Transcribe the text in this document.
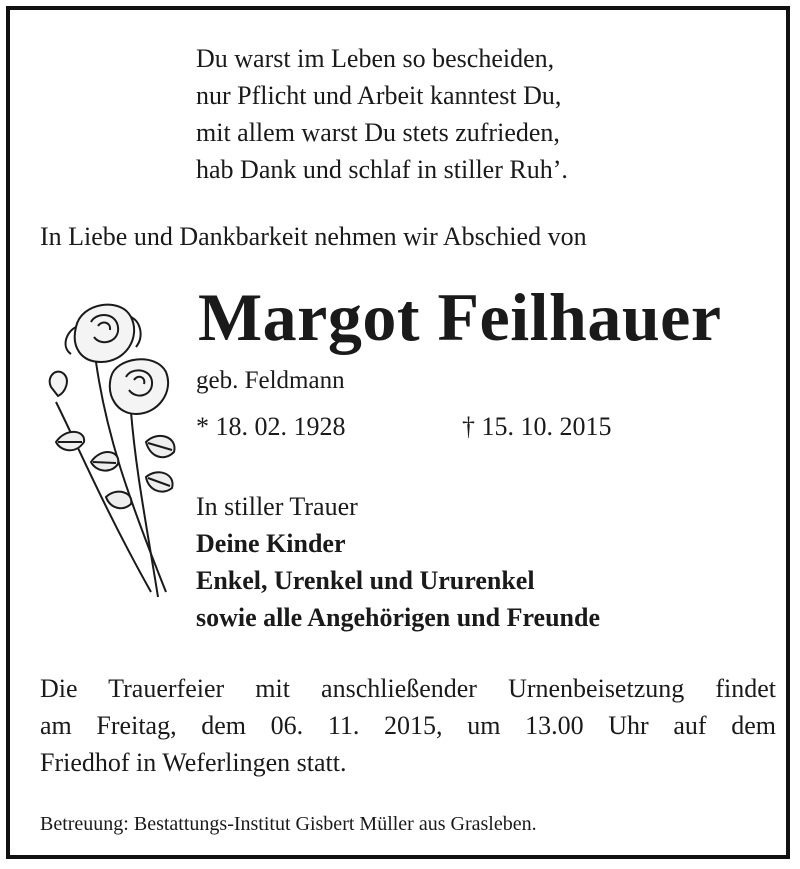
Du warst im Leben so bescheiden,
nur Pflicht und Arbeit kanntest Du,
mit allem warst Du stets zufrieden,
hab Dank und schlaf in stiller Ruh’.
In Liebe und Dankbarkeit nehmen wir Abschied von
Margot Feilhauer
geb. Feldmann
* 18. 02. 1928	† 15. 10. 2015
In stiller Trauer
Deine Kinder
Enkel, Urenkel und Ururenkel
sowie alle Angehörigen und Freunde
Die Trauerfeier mit anschließender Urnenbeisetzung findet
am Freitag, dem 06. 11. 2015, um 13.00 Uhr auf dem
Friedhof in Weferlingen statt.
Betreuung: Bestattungs-Institut Gisbert Müller aus Grasleben.
